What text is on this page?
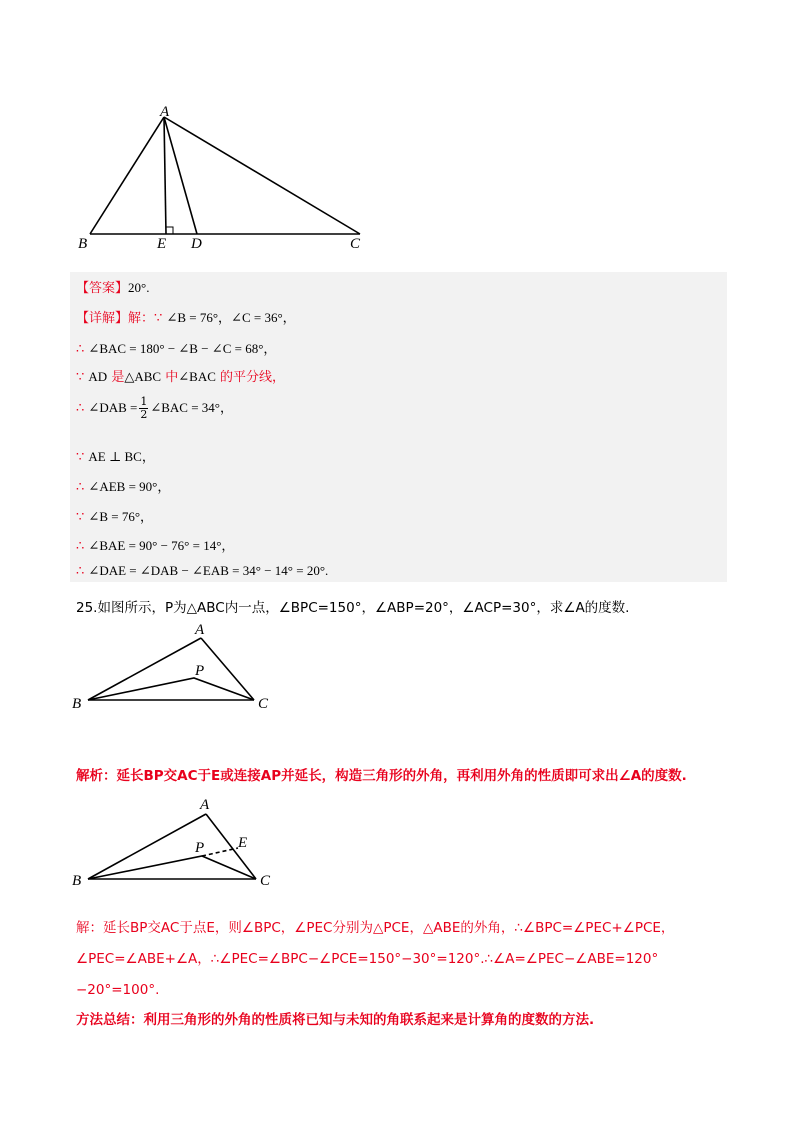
A
B	E D	C
【答案】20°.
【详解】解：∵ ∠B = 76°，∠C = 36°，
∴ ∠BAC = 180° − ∠B − ∠C = 68°，
∵ AD 是△ABC 中∠BAC 的平分线，
∴ ∠DAB = $\frac{1}{2}$ ∠BAC = 34°，
∵ AE ⊥ BC，
∴ ∠AEB = 90°，
∵ ∠B = 76°，
∴ ∠BAE = 90° − 76° = 14°，
∴ ∠DAE = ∠DAB − ∠EAB = 34° − 14° = 20°.
25.如图所示，P为△ABC内一点，∠BPC=150°，∠ABP=20°，∠ACP=30°，求∠A的度数.
A
P
B	C
解析：延长BP交AC于E或连接AP并延长，构造三角形的外角，再利用外角的性质即可求出∠A的度数.
A
P E
B	C
解：延长BP交AC于点E，则∠BPC，∠PEC分别为△PCE，△ABE的外角，∴∠BPC=∠PEC+∠PCE，∠PEC=∠ABE+∠A，∴∠PEC=∠BPC−∠PCE=150°−30°=120°.∴∠A=∠PEC−∠ABE=120°−20°=100°.
方法总结：利用三角形的外角的性质将已知与未知的角联系起来是计算角的度数的方法.
